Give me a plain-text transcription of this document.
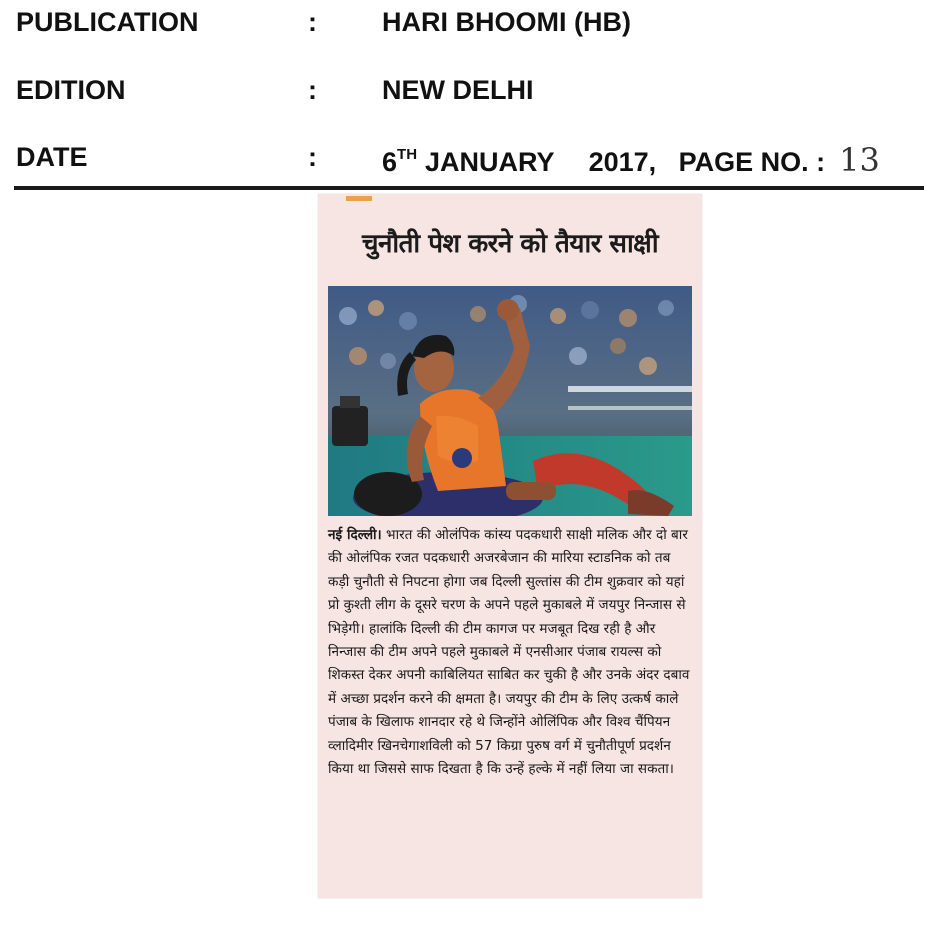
PUBLICATION	: HARI BHOOMI (HB)
EDITION	: NEW DELHI
DATE	: 6TH JANUARY   2017, PAGE NO. : 13
चुनौती पेश करने को तैयार साक्षी
नई दिल्ली। भारत की ओलंपिक कांस्य पदकधारी साक्षी मलिक और दो बार की ओलंपिक रजत पदकधारी अजरबेजान की मारिया स्टाडनिक को तब कड़ी चुनौती से निपटना होगा जब दिल्ली सुल्तांस की टीम शुक्रवार को यहां प्रो कुश्ती लीग के दूसरे चरण के अपने पहले मुकाबले में जयपुर निन्जास से भिड़ेगी। हालांकि दिल्ली की टीम कागज पर मजबूत दिख रही है और निन्जास की टीम अपने पहले मुकाबले में एनसीआर पंजाब रायल्स को शिकस्त देकर अपनी काबिलियत साबित कर चुकी है और उनके अंदर दबाव में अच्छा प्रदर्शन करने की क्षमता है। जयपुर की टीम के लिए उत्कर्ष काले पंजाब के खिलाफ शानदार रहे थे जिन्होंने ओलिंपिक और विश्व चैंपियन व्लादिमीर खिनचेगाशविली को 57 किग्रा पुरुष वर्ग में चुनौतीपूर्ण प्रदर्शन किया था जिससे साफ दिखता है कि उन्हें हल्के में नहीं लिया जा सकता।
